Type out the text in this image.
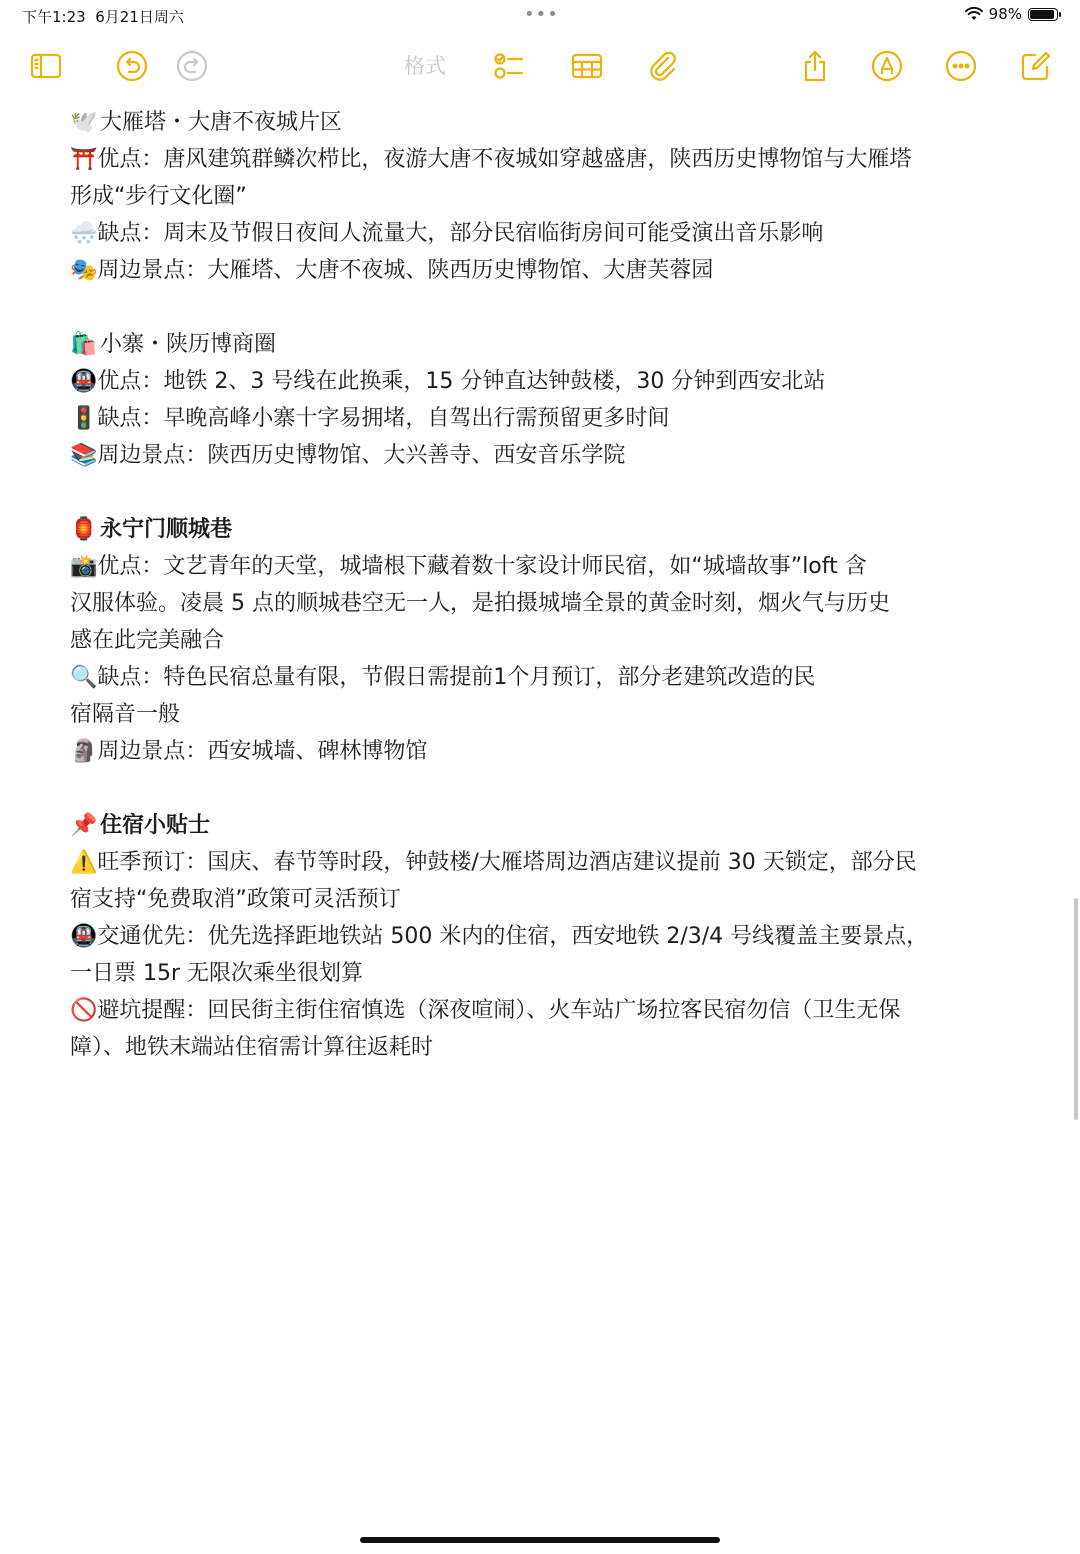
下午1:23 6月21日周六	•••	98%
格式
🕊️ 大雁塔・大唐不夜城片区
⛩️优点：唐风建筑群鳞次栉比，夜游大唐不夜城如穿越盛唐，陕西历史博物馆与大雁塔
形成“步行文化圈”
🌨️缺点：周末及节假日夜间人流量大，部分民宿临街房间可能受演出音乐影响
🎭周边景点：大雁塔、大唐不夜城、陕西历史博物馆、大唐芙蓉园
🛍️ 小寨・陕历博商圈
🚇优点：地铁 2、3 号线在此换乘，15 分钟直达钟鼓楼，30 分钟到西安北站
🚦缺点：早晚高峰小寨十字易拥堵，自驾出行需预留更多时间
📚周边景点：陕西历史博物馆、大兴善寺、西安音乐学院
🏮 永宁门顺城巷
📸优点：文艺青年的天堂，城墙根下藏着数十家设计师民宿，如“城墙故事”loft 含
汉服体验。凌晨 5 点的顺城巷空无一人，是拍摄城墙全景的黄金时刻，烟火气与历史
感在此完美融合
🔍缺点：特色民宿总量有限，节假日需提前1个月预订，部分老建筑改造的民
宿隔音一般
🗿周边景点：西安城墙、碑林博物馆
📌 住宿小贴士
⚠️旺季预订：国庆、春节等时段，钟鼓楼/大雁塔周边酒店建议提前 30 天锁定，部分民
宿支持“免费取消”政策可灵活预订
🚇交通优先：优先选择距地铁站 500 米内的住宿，西安地铁 2/3/4 号线覆盖主要景点，
一日票 15r 无限次乘坐很划算
🚫避坑提醒：回民街主街住宿慎选（深夜喧闹）、火车站广场拉客民宿勿信（卫生无保
障）、地铁末端站住宿需计算往返耗时
